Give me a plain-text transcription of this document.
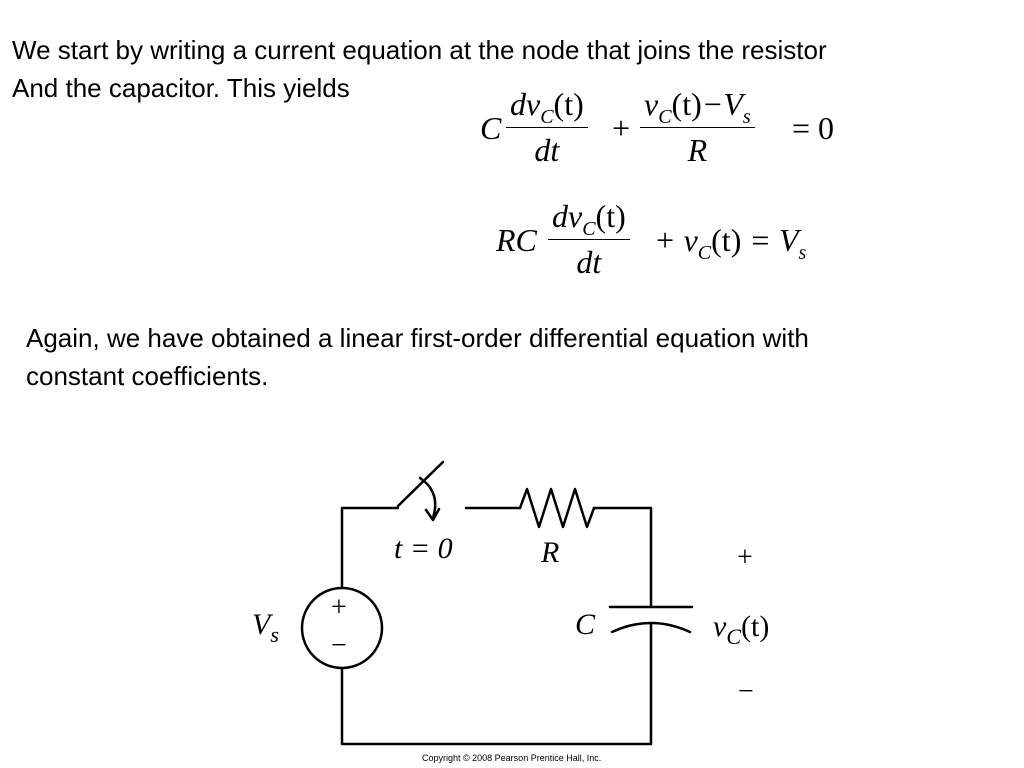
We start by writing a current equation at the node that joins the resistor
And the capacitor. This yields
C
$dv_C(t)$
dt
+
$v_C(t)-V_s$
R
= 0
RC
$dv_C(t)$
dt
+ $v_C(t) = V_s$
Again, we have obtained a linear first-order differential equation with
constant coefficients.
t = 0	R
C
$V_s$
+
−
$v_C(t)$
+
−
Copyright © 2008 Pearson Prentice Hall, Inc.
